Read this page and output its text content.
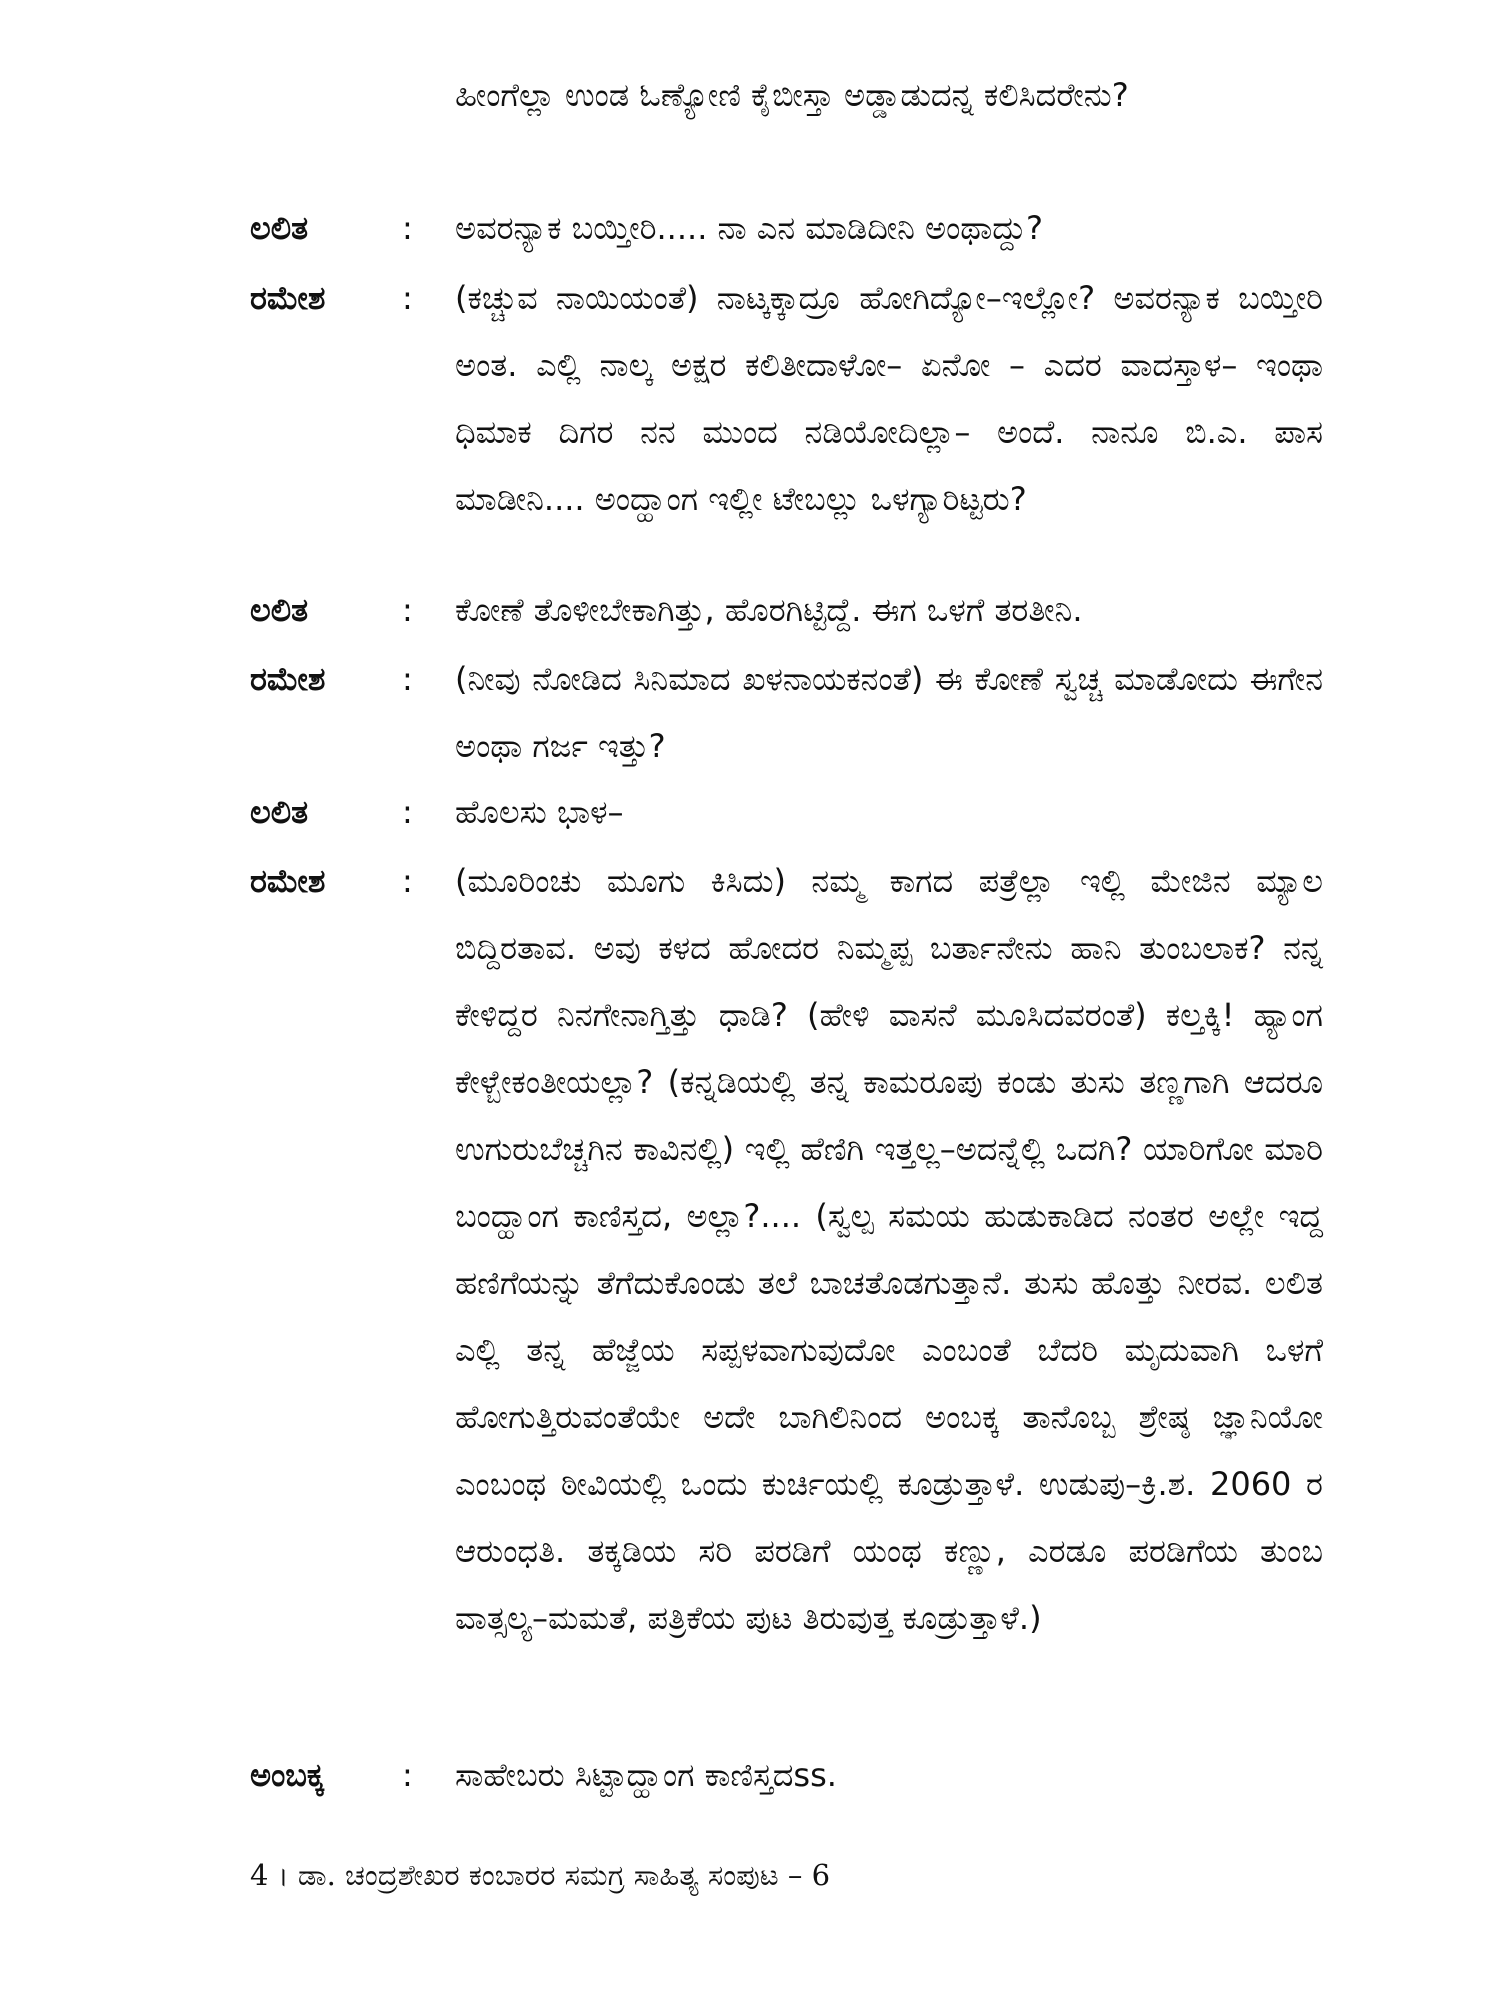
ಹೀಂಗೆಲ್ಲಾ ಉಂಡ ಓಣ್ಯೋಣಿ ಕೈಬೀಸ್ತಾ ಅಡ್ಡಾಡುದನ್ನ ಕಲಿಸಿದರೇನು?
ಲಲಿತ	: ಅವರನ್ಯಾಕ ಬಯ್ತೀರಿ..... ನಾ ಎನ ಮಾಡಿದೀನಿ ಅಂಥಾದ್ದು?
ರಮೇಶ	: (ಕಚ್ಚುವ ನಾಯಿಯಂತೆ) ನಾಟ್ಕಕ್ಕಾದ್ರೂ ಹೋಗಿದ್ಯೋ–ಇಲ್ಲೋ? ಅವರನ್ಯಾಕ ಬಯ್ತೀರಿ ಅಂತ. ಎಲ್ಲಿ ನಾಲ್ಕ ಅಕ್ಷರ ಕಲಿತೀದಾಳೋ– ಏನೋ – ಎದರ ವಾದಸ್ತಾಳ– ಇಂಥಾ ಧಿಮಾಕ ದಿಗರ ನನ ಮುಂದ ನಡಿಯೋದಿಲ್ಲಾ– ಅಂದೆ. ನಾನೂ ಬಿ.ಎ. ಪಾಸ ಮಾಡೀನಿ.... ಅಂದ್ಹಾಂಗ ಇಲ್ಲೀ ಟೇಬಲ್ಲು ಒಳಗ್ಯಾರಿಟ್ಟರು?
ಲಲಿತ	: ಕೋಣೆ ತೊಳೀಬೇಕಾಗಿತ್ತು, ಹೊರಗಿಟ್ಟಿದ್ದೆ. ಈಗ ಒಳಗೆ ತರತೀನಿ.
ರಮೇಶ	: (ನೀವು ನೋಡಿದ ಸಿನಿಮಾದ ಖಳನಾಯಕನಂತೆ) ಈ ಕೋಣೆ ಸ್ವಚ್ಚ ಮಾಡೋದು ಈಗೇನ ಅಂಥಾ ಗರ್ಜ ಇತ್ತು?
ಲಲಿತ	: ಹೊಲಸು ಭಾಳ–
ರಮೇಶ	: (ಮೂರಿಂಚು ಮೂಗು ಕಿಸಿದು) ನಮ್ಮ ಕಾಗದ ಪತ್ರೆಲ್ಲಾ ಇಲ್ಲಿ ಮೇಜಿನ ಮ್ಯಾಲ ಬಿದ್ದಿರತಾವ. ಅವು ಕಳದ ಹೋದರ ನಿಮ್ಮಪ್ಪ ಬರ್ತಾನೇನು ಹಾನಿ ತುಂಬಲಾಕ? ನನ್ನ ಕೇಳಿದ್ದರ ನಿನಗೇನಾಗ್ತಿತ್ತು ಧಾಡಿ? (ಹೇಳಿ ವಾಸನೆ ಮೂಸಿದವರಂತೆ) ಕಲ್ತಕ್ಕಿ! ಹ್ಯಾಂಗ ಕೇಳ್ಬೇಕಂತೀಯಲ್ಲಾ? (ಕನ್ನಡಿಯಲ್ಲಿ ತನ್ನ ಕಾಮರೂಪು ಕಂಡು ತುಸು ತಣ್ಣಗಾಗಿ ಆದರೂ ಉಗುರುಬೆಚ್ಚಗಿನ ಕಾವಿನಲ್ಲಿ) ಇಲ್ಲಿ ಹೆಣಿಗಿ ಇತ್ತಲ್ಲ–ಅದನ್ನೆಲ್ಲಿ ಒದಗಿ? ಯಾರಿಗೋ ಮಾರಿ ಬಂದ್ಹಾಂಗ ಕಾಣಿಸ್ತದ, ಅಲ್ಲಾ?.... (ಸ್ವಲ್ಪ ಸಮಯ ಹುಡುಕಾಡಿದ ನಂತರ ಅಲ್ಲೇ ಇದ್ದ ಹಣಿಗೆಯನ್ನು ತೆಗೆದುಕೊಂಡು ತಲೆ ಬಾಚತೊಡಗುತ್ತಾನೆ. ತುಸು ಹೊತ್ತು ನೀರವ. ಲಲಿತ ಎಲ್ಲಿ ತನ್ನ ಹೆಜ್ಜೆಯ ಸಪ್ಪಳವಾಗುವುದೋ ಎಂಬಂತೆ ಬೆದರಿ ಮೃದುವಾಗಿ ಒಳಗೆ ಹೋಗುತ್ತಿರುವಂತೆಯೇ ಅದೇ ಬಾಗಿಲಿನಿಂದ ಅಂಬಕ್ಕ ತಾನೊಬ್ಬ ಶ್ರೇಷ್ಠ ಜ್ಞಾನಿಯೋ ಎಂಬಂಥ ಠೀವಿಯಲ್ಲಿ ಒಂದು ಕುರ್ಚಿಯಲ್ಲಿ ಕೂಡ್ರುತ್ತಾಳೆ. ಉಡುಪು–ಕ್ರಿ.ಶ. 2060 ರ ಆರುಂಧತಿ. ತಕ್ಕಡಿಯ ಸರಿ ಪರಡಿಗೆ ಯಂಥ ಕಣ್ಣು, ಎರಡೂ ಪರಡಿಗೆಯ ತುಂಬ ವಾತ್ಸಲ್ಯ–ಮಮತೆ, ಪತ್ರಿಕೆಯ ಪುಟ ತಿರುವುತ್ತ ಕೂಡ್ರುತ್ತಾಳೆ.)
ಅಂಬಕ್ಕ	: ಸಾಹೇಬರು ಸಿಟ್ಟಾದ್ಹಾಂಗ ಕಾಣಿಸ್ತದss.
4 । ಡಾ. ಚಂದ್ರಶೇಖರ ಕಂಬಾರರ ಸಮಗ್ರ ಸಾಹಿತ್ಯ ಸಂಪುಟ – 6
